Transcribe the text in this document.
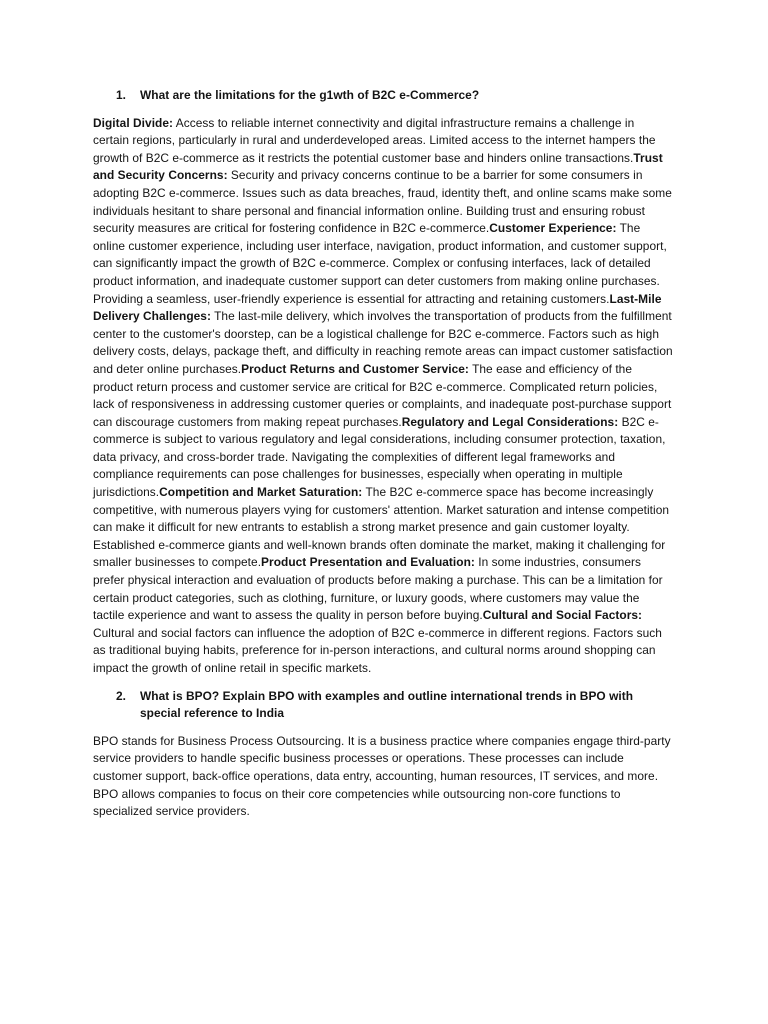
1.	What are the limitations for the g1wth of B2C e-Commerce?

Digital Divide: Access to reliable internet connectivity and digital infrastructure remains a challenge in certain regions, particularly in rural and underdeveloped areas. Limited access to the internet hampers the growth of B2C e-commerce as it restricts the potential customer base and hinders online transactions.Trust and Security Concerns: Security and privacy concerns continue to be a barrier for some consumers in adopting B2C e-commerce. Issues such as data breaches, fraud, identity theft, and online scams make some individuals hesitant to share personal and financial information online. Building trust and ensuring robust security measures are critical for fostering confidence in B2C e-commerce.Customer Experience: The online customer experience, including user interface, navigation, product information, and customer support, can significantly impact the growth of B2C e-commerce. Complex or confusing interfaces, lack of detailed product information, and inadequate customer support can deter customers from making online purchases. Providing a seamless, user-friendly experience is essential for attracting and retaining customers.Last-Mile Delivery Challenges: The last-mile delivery, which involves the transportation of products from the fulfillment center to the customer's doorstep, can be a logistical challenge for B2C e-commerce. Factors such as high delivery costs, delays, package theft, and difficulty in reaching remote areas can impact customer satisfaction and deter online purchases.Product Returns and Customer Service: The ease and efficiency of the product return process and customer service are critical for B2C e-commerce. Complicated return policies, lack of responsiveness in addressing customer queries or complaints, and inadequate post-purchase support can discourage customers from making repeat purchases.Regulatory and Legal Considerations: B2C e-commerce is subject to various regulatory and legal considerations, including consumer protection, taxation, data privacy, and cross-border trade. Navigating the complexities of different legal frameworks and compliance requirements can pose challenges for businesses, especially when operating in multiple jurisdictions.Competition and Market Saturation: The B2C e-commerce space has become increasingly competitive, with numerous players vying for customers' attention. Market saturation and intense competition can make it difficult for new entrants to establish a strong market presence and gain customer loyalty. Established e-commerce giants and well-known brands often dominate the market, making it challenging for smaller businesses to compete.Product Presentation and Evaluation: In some industries, consumers prefer physical interaction and evaluation of products before making a purchase. This can be a limitation for certain product categories, such as clothing, furniture, or luxury goods, where customers may value the tactile experience and want to assess the quality in person before buying.Cultural and Social Factors: Cultural and social factors can influence the adoption of B2C e-commerce in different regions. Factors such as traditional buying habits, preference for in-person interactions, and cultural norms around shopping can impact the growth of online retail in specific markets.

2.	What is BPO? Explain BPO with examples and outline international trends in BPO with special reference to India

BPO stands for Business Process Outsourcing. It is a business practice where companies engage third-party service providers to handle specific business processes or operations. These processes can include customer support, back-office operations, data entry, accounting, human resources, IT services, and more. BPO allows companies to focus on their core competencies while outsourcing non-core functions to specialized service providers.
